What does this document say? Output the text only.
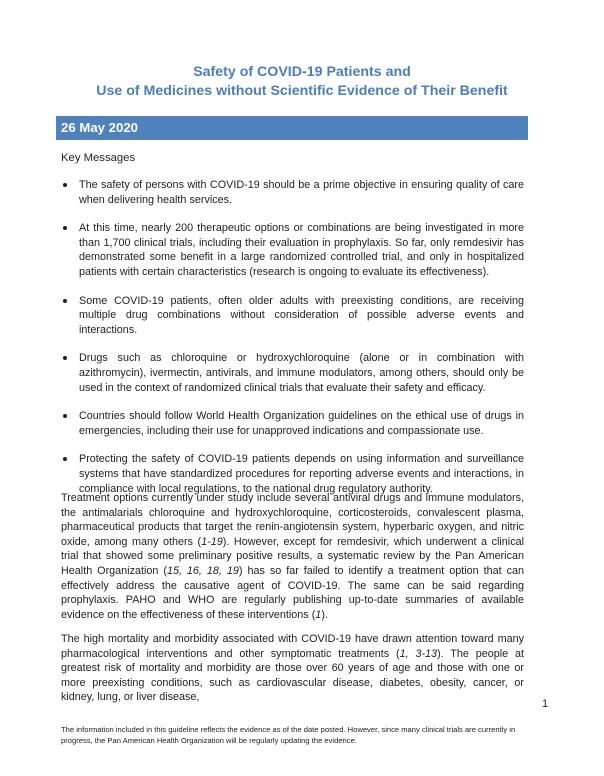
Safety of COVID-19 Patients and
Use of Medicines without Scientific Evidence of Their Benefit
26 May 2020
Key Messages
The safety of persons with COVID-19 should be a prime objective in ensuring quality of care when delivering health services.
At this time, nearly 200 therapeutic options or combinations are being investigated in more than 1,700 clinical trials, including their evaluation in prophylaxis. So far, only remdesivir has demonstrated some benefit in a large randomized controlled trial, and only in hospitalized patients with certain characteristics (research is ongoing to evaluate its effectiveness).
Some COVID-19 patients, often older adults with preexisting conditions, are receiving multiple drug combinations without consideration of possible adverse events and interactions.
Drugs such as chloroquine or hydroxychloroquine (alone or in combination with azithromycin), ivermectin, antivirals, and immune modulators, among others, should only be used in the context of randomized clinical trials that evaluate their safety and efficacy.
Countries should follow World Health Organization guidelines on the ethical use of drugs in emergencies, including their use for unapproved indications and compassionate use.
Protecting the safety of COVID-19 patients depends on using information and surveillance systems that have standardized procedures for reporting adverse events and interactions, in compliance with local regulations, to the national drug regulatory authority.

Treatment options currently under study include several antiviral drugs and immune modulators, the antimalarials chloroquine and hydroxychloroquine, corticosteroids, convalescent plasma, pharmaceutical products that target the renin-angiotensin system, hyperbaric oxygen, and nitric oxide, among many others (1-19). However, except for remdesivir, which underwent a clinical trial that showed some preliminary positive results, a systematic review by the Pan American Health Organization (15, 16, 18, 19) has so far failed to identify a treatment option that can effectively address the causative agent of COVID-19. The same can be said regarding prophylaxis. PAHO and WHO are regularly publishing up-to-date summaries of available evidence on the effectiveness of these interventions (1).

The high mortality and morbidity associated with COVID-19 have drawn attention toward many pharmacological interventions and other symptomatic treatments (1, 3-13). The people at greatest risk of mortality and morbidity are those over 60 years of age and those with one or more preexisting conditions, such as cardiovascular disease, diabetes, obesity, cancer, or kidney, lung, or liver disease,

1
The information included in this guideline reflects the evidence as of the date posted. However, since many clinical trials are currently in progress, the Pan American Health Organization will be regularly updating the evidence.
